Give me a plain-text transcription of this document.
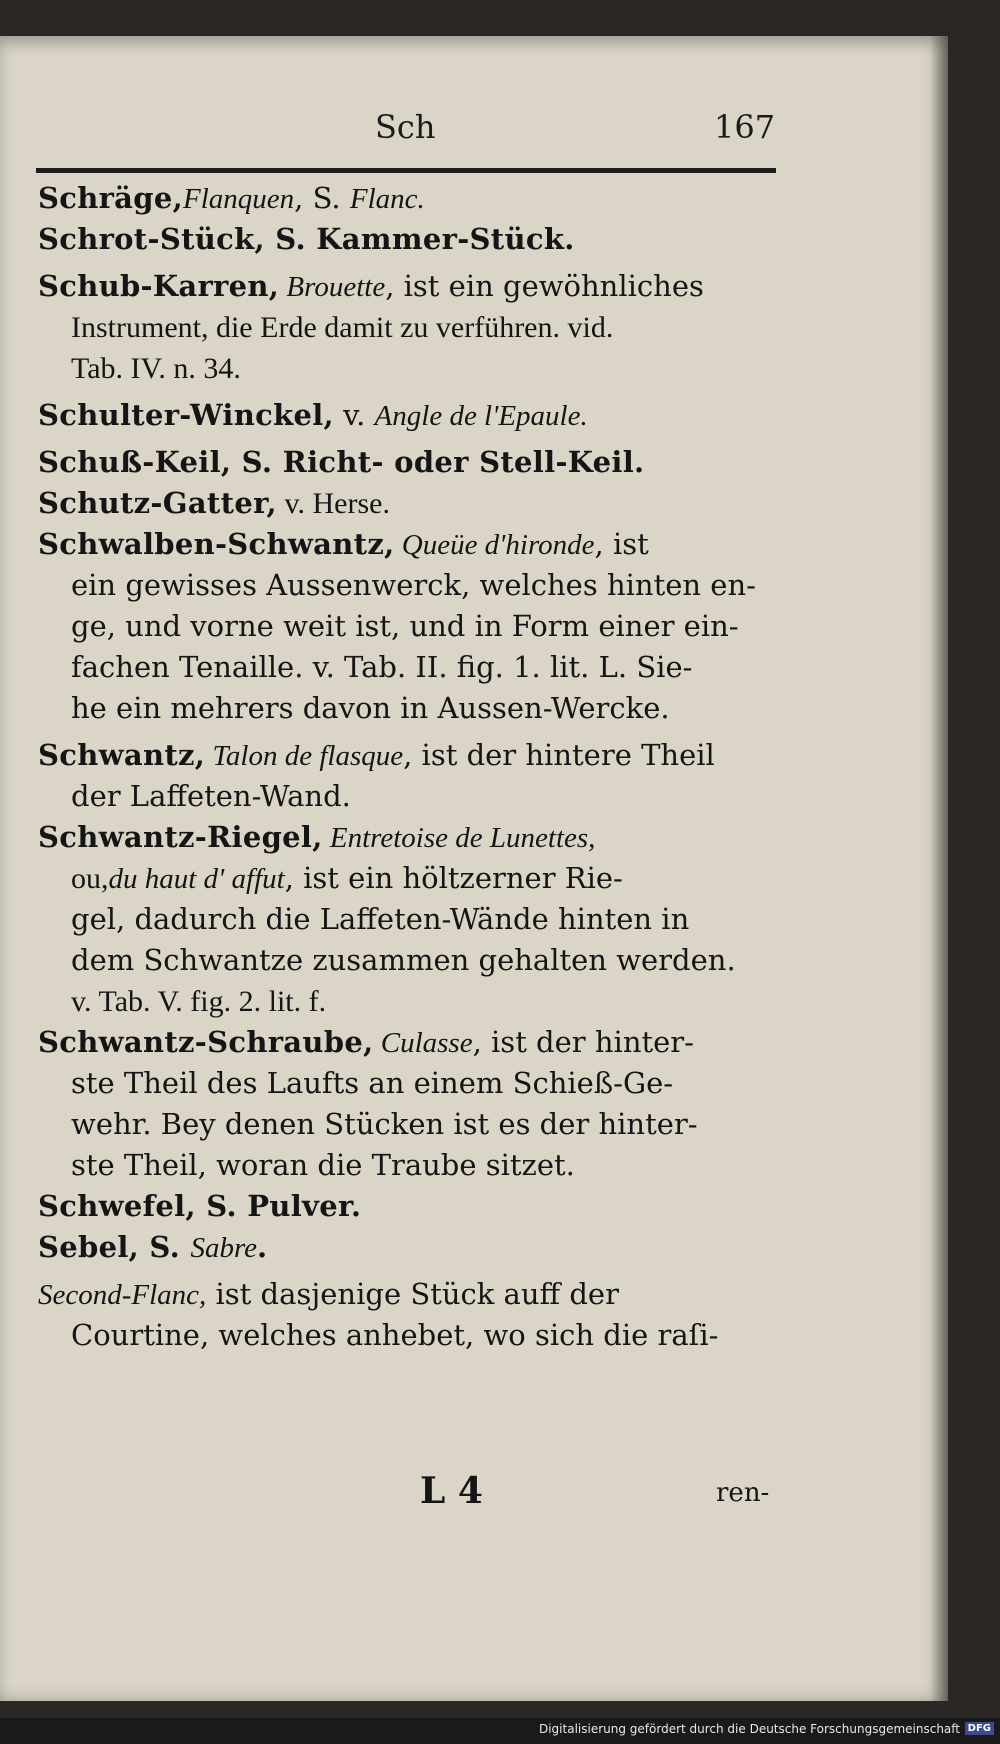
Sch	167
Schräge,Flanquen, S. Flanc.
Schrot-Stück, S. Kammer-Stück.
Schub-Karren, Brouette, ist ein gewöhnliches
Instrument, die Erde damit zu verführen. vid.
Tab. IV. n. 34.
Schulter-Winckel, v. Angle de l'Epaule.
Schuß-Keil, S. Richt- oder Stell-Keil.
Schutz-Gatter, v. Herse.
Schwalben-Schwantz, Queüe d'hironde, ist
ein gewisses Aussenwerck, welches hinten en-
ge, und vorne weit ist, und in Form einer ein-
fachen Tenaille. v. Tab. II. fig. 1. lit. L. Sie-
he ein mehrers davon in Aussen-Wercke.
Schwantz, Talon de flasque, ist der hintere Theil
der Laffeten-Wand.
Schwantz-Riegel, Entretoise de Lunettes,
ou,du haut d' affut, ist ein höltzerner Rie-
gel, dadurch die Laffeten-Wände hinten in
dem Schwantze zusammen gehalten werden.
v. Tab. V. fig. 2. lit. f.
Schwantz-Schraube, Culasse, ist der hinter-
ste Theil des Laufts an einem Schieß-Ge-
wehr. Bey denen Stücken ist es der hinter-
ste Theil, woran die Traube sitzet.
Schwefel, S. Pulver.
Sebel, S. Sabre.
Second-Flanc, ist dasjenige Stück auff der
Courtine, welches anhebet, wo sich die raſi-
L 4	ren-
Digitalisierung gefördert durch die Deutsche Forschungsgemeinschaft DFG
